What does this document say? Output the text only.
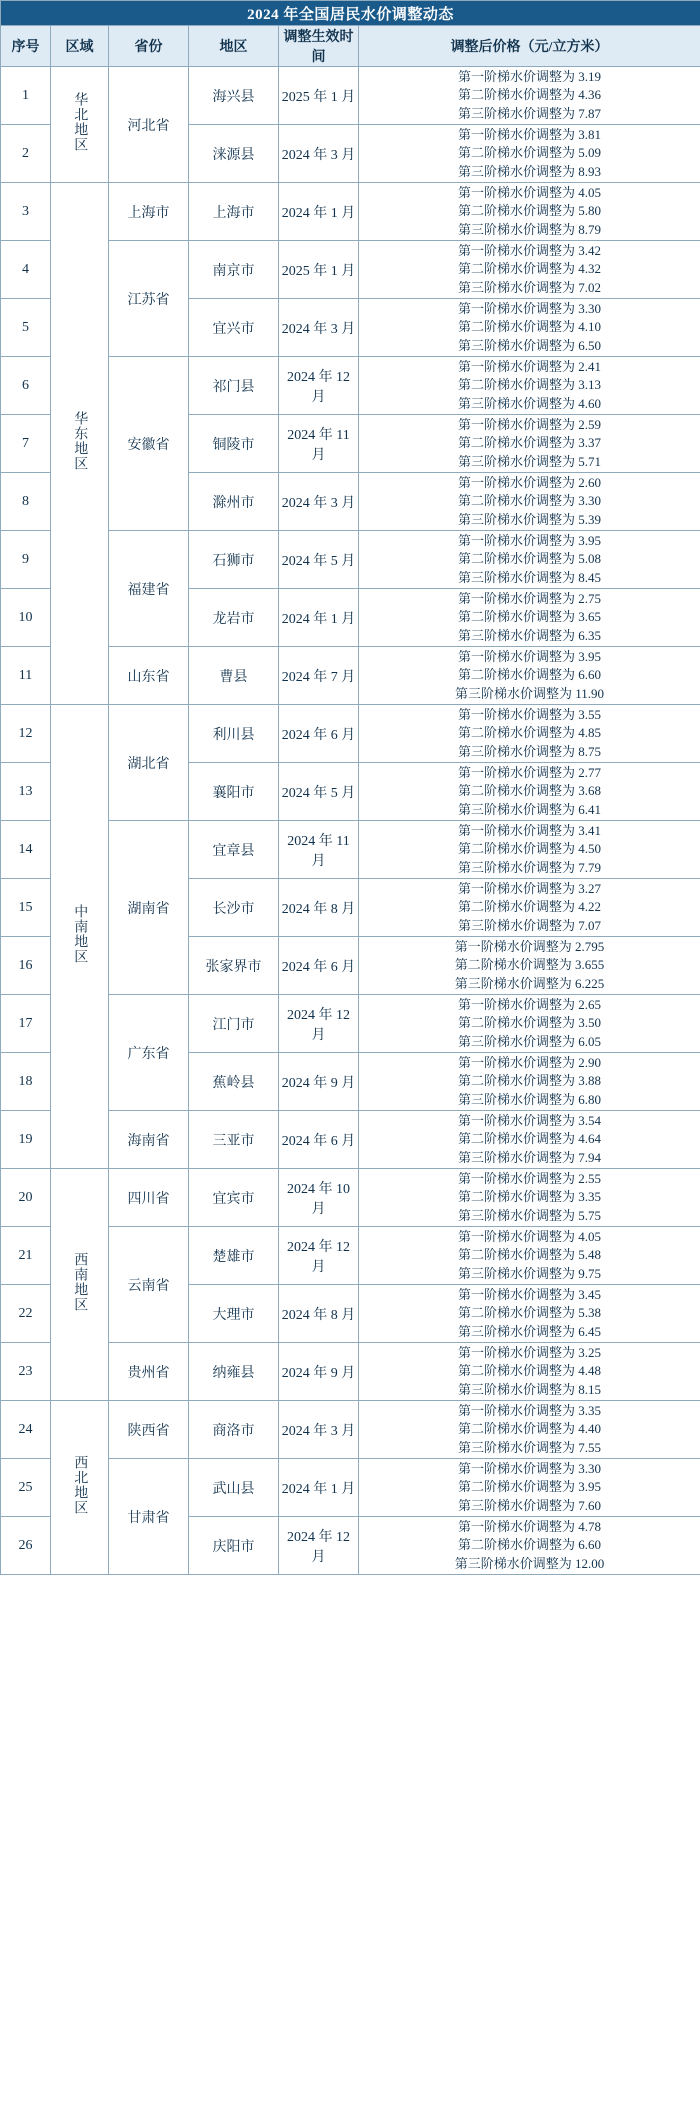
2024 年全国居民水价调整动态					
序号	区域	省份	地区	调整生效时间	调整后价格（元/立方米）
1	华北地区	河北省	海兴县	2025 年 1 月	第一阶梯水价调整为 3.19
第二阶梯水价调整为 4.36
第三阶梯水价调整为 7.87

2			涞源县	2024 年 3 月	第一阶梯水价调整为 3.81
第二阶梯水价调整为 5.09
第三阶梯水价调整为 8.93

3	华东地区	上海市	上海市	2024 年 1 月	第一阶梯水价调整为 4.05
第二阶梯水价调整为 5.80
第三阶梯水价调整为 8.79

4		江苏省	南京市	2025 年 1 月	第一阶梯水价调整为 3.42
第二阶梯水价调整为 4.32
第三阶梯水价调整为 7.02

5			宜兴市	2024 年 3 月	第一阶梯水价调整为 3.30
第二阶梯水价调整为 4.10
第三阶梯水价调整为 6.50

6		安徽省	祁门县	2024 年 12 月	第一阶梯水价调整为 2.41
第二阶梯水价调整为 3.13
第三阶梯水价调整为 4.60

7			铜陵市	2024 年 11 月	第一阶梯水价调整为 2.59
第二阶梯水价调整为 3.37
第三阶梯水价调整为 5.71

8			滁州市	2024 年 3 月	第一阶梯水价调整为 2.60
第二阶梯水价调整为 3.30
第三阶梯水价调整为 5.39

9		福建省	石狮市	2024 年 5 月	第一阶梯水价调整为 3.95
第二阶梯水价调整为 5.08
第三阶梯水价调整为 8.45

10			龙岩市	2024 年 1 月	第一阶梯水价调整为 2.75
第二阶梯水价调整为 3.65
第三阶梯水价调整为 6.35

11		山东省	曹县	2024 年 7 月	第一阶梯水价调整为 3.95
第二阶梯水价调整为 6.60
第三阶梯水价调整为 11.90

12	中南地区	湖北省	利川县	2024 年 6 月	第一阶梯水价调整为 3.55
第二阶梯水价调整为 4.85
第三阶梯水价调整为 8.75

13			襄阳市	2024 年 5 月	第一阶梯水价调整为 2.77
第二阶梯水价调整为 3.68
第三阶梯水价调整为 6.41

14		湖南省	宜章县	2024 年 11 月	第一阶梯水价调整为 3.41
第二阶梯水价调整为 4.50
第三阶梯水价调整为 7.79

15			长沙市	2024 年 8 月	第一阶梯水价调整为 3.27
第二阶梯水价调整为 4.22
第三阶梯水价调整为 7.07

16			张家界市	2024 年 6 月	第一阶梯水价调整为 2.795
第二阶梯水价调整为 3.655
第三阶梯水价调整为 6.225

17		广东省	江门市	2024 年 12 月	第一阶梯水价调整为 2.65
第二阶梯水价调整为 3.50
第三阶梯水价调整为 6.05

18			蕉岭县	2024 年 9 月	第一阶梯水价调整为 2.90
第二阶梯水价调整为 3.88
第三阶梯水价调整为 6.80

19		海南省	三亚市	2024 年 6 月	第一阶梯水价调整为 3.54
第二阶梯水价调整为 4.64
第三阶梯水价调整为 7.94

20	西南地区	四川省	宜宾市	2024 年 10 月	第一阶梯水价调整为 2.55
第二阶梯水价调整为 3.35
第三阶梯水价调整为 5.75

21		云南省	楚雄市	2024 年 12 月	第一阶梯水价调整为 4.05
第二阶梯水价调整为 5.48
第三阶梯水价调整为 9.75

22			大理市	2024 年 8 月	第一阶梯水价调整为 3.45
第二阶梯水价调整为 5.38
第三阶梯水价调整为 6.45

23		贵州省	纳雍县	2024 年 9 月	第一阶梯水价调整为 3.25
第二阶梯水价调整为 4.48
第三阶梯水价调整为 8.15

24	西北地区	陕西省	商洛市	2024 年 3 月	第一阶梯水价调整为 3.35
第二阶梯水价调整为 4.40
第三阶梯水价调整为 7.55

25		甘肃省	武山县	2024 年 1 月	第一阶梯水价调整为 3.30
第二阶梯水价调整为 3.95
第三阶梯水价调整为 7.60

26			庆阳市	2024 年 12 月	第一阶梯水价调整为 4.78
第二阶梯水价调整为 6.60
第三阶梯水价调整为 12.00
